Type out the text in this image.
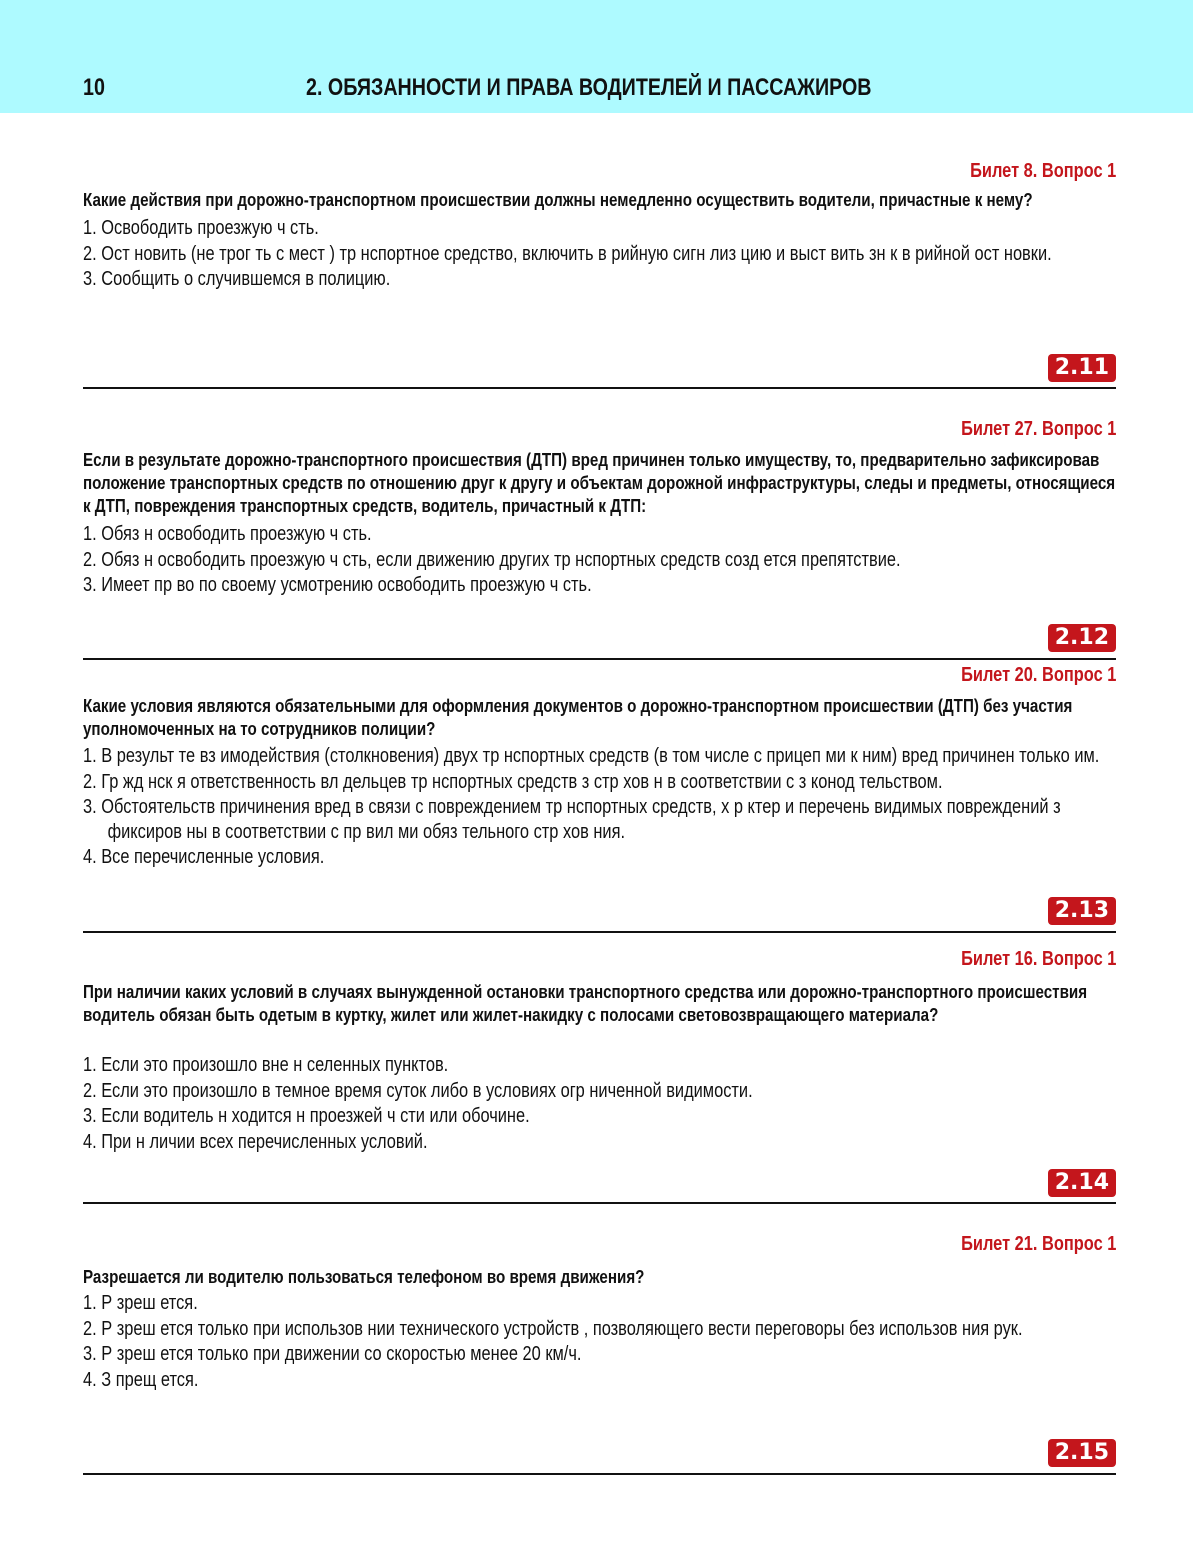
10	2. ОБЯЗАННОСТИ И ПРАВА ВОДИТЕЛЕЙ И ПАССАЖИРОВ
Билет 8. Вопрос 1
Какие действия при дорожно-транспортном происшествии должны немедленно осуществить водители, причастные к нему?

1. Освободить проезжую ч сть.

2. Ост новить (не трог ть с мест ) тр нспортное средство, включить в рийную сигн лиз цию и выст вить зн к в рийной ост новки.

3. Сообщить о случившемся в полицию.

2.11
Билет 27. Вопрос 1
Если в результате дорожно-транспортного происшествия (ДТП) вред причинен только имуществу, то, предварительно зафиксировав положение транспортных средств по отношению друг к другу и объектам дорожной инфраструктуры, следы и предметы, относящиеся к ДТП, повреждения транспортных средств, водитель, причастный к ДТП:

1. Обяз н освободить проезжую ч сть.

2. Обяз н освободить проезжую ч сть, если движению других тр нспортных средств созд ется препятствие.

3. Имеет пр во по своему усмотрению освободить проезжую ч сть.

2.12
Билет 20. Вопрос 1
Какие условия являются обязательными для оформления документов о дорожно-транспортном происшествии (ДТП) без участия уполномоченных на то сотрудников полиции?

1. В результ те вз имодействия (столкновения) двух тр нспортных средств (в том числе с прицеп ми к ним) вред причинен только им.

2. Гр жд нск я ответственность вл дельцев тр нспортных средств з стр хов н в соответствии с з конод тельством.

3. Обстоятельств причинения вред в связи с повреждением тр нспортных средств, х р ктер и перечень видимых повреждений з фиксиров ны в соответствии с пр вил ми обяз тельного стр хов ния.

4. Все перечисленные условия.

2.13
Билет 16. Вопрос 1
При наличии каких условий в случаях вынужденной остановки транспортного средства или дорожно-транспортного происшествия водитель обязан быть одетым в куртку, жилет или жилет-накидку с полосами световозвращающего материала?

1. Если это произошло вне н селенных пунктов.

2. Если это произошло в темное время суток либо в условиях огр ниченной видимости.

3. Если водитель н ходится н проезжей ч сти или обочине.

4. При н личии всех перечисленных условий.

2.14
Билет 21. Вопрос 1
Разрешается ли водителю пользоваться телефоном во время движения?

1. Р зреш ется.

2. Р зреш ется только при использов нии технического устройств , позволяющего вести переговоры без использов ния рук.

3. Р зреш ется только при движении со скоростью менее 20 км/ч.

4. З прещ ется.

2.15
